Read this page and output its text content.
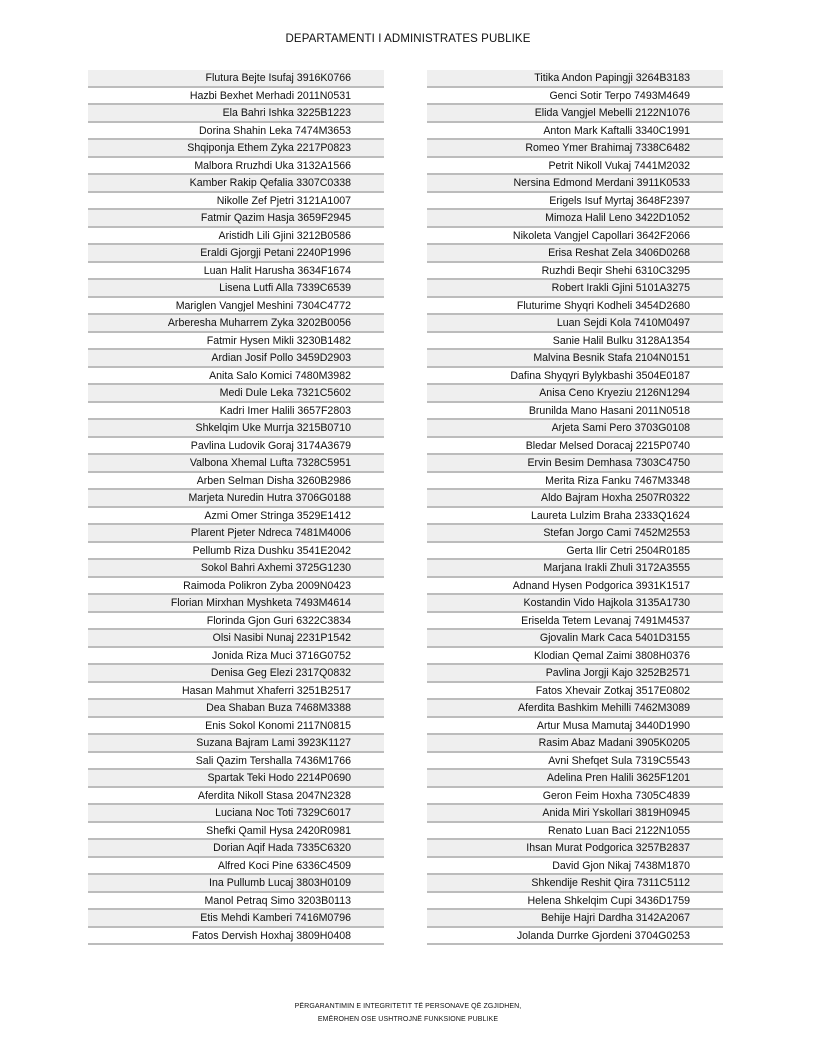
DEPARTAMENTI I ADMINISTRATES PUBLIKE
Flutura Bejte Isufaj 3916K0766
Hazbi Bexhet Merhadi 2011N0531
Ela Bahri Ishka 3225B1223
Dorina Shahin Leka 7474M3653
Shqiponja Ethem Zyka 2217P0823
Malbora Rruzhdi Uka 3132A1566
Kamber Rakip Qefalia 3307C0338
Nikolle Zef Pjetri 3121A1007
Fatmir Qazim Hasja 3659F2945
Aristidh Lili Gjini 3212B0586
Eraldi Gjorgji Petani 2240P1996
Luan Halit Harusha 3634F1674
Lisena Lutfi Alla 7339C6539
Mariglen Vangjel Meshini 7304C4772
Arberesha Muharrem Zyka 3202B0056
Fatmir Hysen Mikli 3230B1482
Ardian Josif Pollo 3459D2903
Anita Salo Komici 7480M3982
Medi Dule Leka 7321C5602
Kadri Imer Halili 3657F2803
Shkelqim Uke Murrja 3215B0710
Pavlina Ludovik Goraj 3174A3679
Valbona Xhemal Lufta 7328C5951
Arben Selman Disha 3260B2986
Marjeta Nuredin Hutra 3706G0188
Azmi Omer Stringa 3529E1412
Plarent Pjeter Ndreca 7481M4006
Pellumb Riza Dushku 3541E2042
Sokol Bahri Axhemi 3725G1230
Raimoda Polikron Zyba 2009N0423
Florian Mirxhan Myshketa 7493M4614
Florinda Gjon Guri 6322C3834
Olsi Nasibi Nunaj 2231P1542
Jonida Riza Muci 3716G0752
Denisa Geg Elezi 2317Q0832
Hasan Mahmut Xhaferri 3251B2517
Dea Shaban Buza 7468M3388
Enis Sokol Konomi 2117N0815
Suzana Bajram Lami 3923K1127
Sali Qazim Tershalla 7436M1766
Spartak Teki Hodo 2214P0690
Aferdita Nikoll Stasa 2047N2328
Luciana Noc Toti 7329C6017
Shefki Qamil Hysa 2420R0981
Dorian Aqif Hada 7335C6320
Alfred Koci Pine 6336C4509
Ina Pullumb Lucaj 3803H0109
Manol Petraq Simo 3203B0113
Etis Mehdi Kamberi 7416M0796
Fatos Dervish Hoxhaj 3809H0408
Titika Andon Papingji 3264B3183
Genci Sotir Terpo 7493M4649
Elida Vangjel Mebelli 2122N1076
Anton Mark Kaftalli 3340C1991
Romeo Ymer Brahimaj 7338C6482
Petrit Nikoll Vukaj 7441M2032
Nersina Edmond Merdani 3911K0533
Erigels Isuf Myrtaj 3648F2397
Mimoza Halil Leno 3422D1052
Nikoleta Vangjel Capollari 3642F2066
Erisa Reshat Zela 3406D0268
Ruzhdi Beqir Shehi 6310C3295
Robert Irakli Gjini 5101A3275
Fluturime Shyqri Kodheli 3454D2680
Luan Sejdi Kola 7410M0497
Sanie Halil Bulku 3128A1354
Malvina Besnik Stafa 2104N0151
Dafina Shyqyri Bylykbashi 3504E0187
Anisa Ceno Kryeziu 2126N1294
Brunilda Mano Hasani 2011N0518
Arjeta Sami Pero 3703G0108
Bledar Melsed Doracaj 2215P0740
Ervin Besim Demhasa 7303C4750
Merita Riza Fanku 7467M3348
Aldo Bajram Hoxha 2507R0322
Laureta Lulzim Braha 2333Q1624
Stefan Jorgo Cami 7452M2553
Gerta Ilir Cetri 2504R0185
Marjana Irakli Zhuli 3172A3555
Adnand Hysen Podgorica 3931K1517
Kostandin Vido Hajkola 3135A1730
Eriselda Tetem Levanaj 7491M4537
Gjovalin Mark Caca 5401D3155
Klodian Qemal Zaimi 3808H0376
Pavlina Jorgji Kajo 3252B2571
Fatos Xhevair Zotkaj 3517E0802
Aferdita Bashkim Mehilli 7462M3089
Artur Musa Mamutaj 3440D1990
Rasim Abaz Madani 3905K0205
Avni Shefqet Sula 7319C5543
Adelina Pren Halili 3625F1201
Geron Feim Hoxha 7305C4839
Anida Miri Yskollari 3819H0945
Renato Luan Baci 2122N1055
Ihsan Murat Podgorica 3257B2837
David Gjon Nikaj 7438M1870
Shkendije Reshit Qira 7311C5112
Helena Shkelqim Cupi 3436D1759
Behije Hajri Dardha 3142A2067
Jolanda Durrke Gjordeni 3704G0253
PËRGARANTIMIN E INTEGRITETIT TË PERSONAVE QË ZGJIDHEN,
EMËROHEN OSE USHTROJNË FUNKSIONE PUBLIKE
